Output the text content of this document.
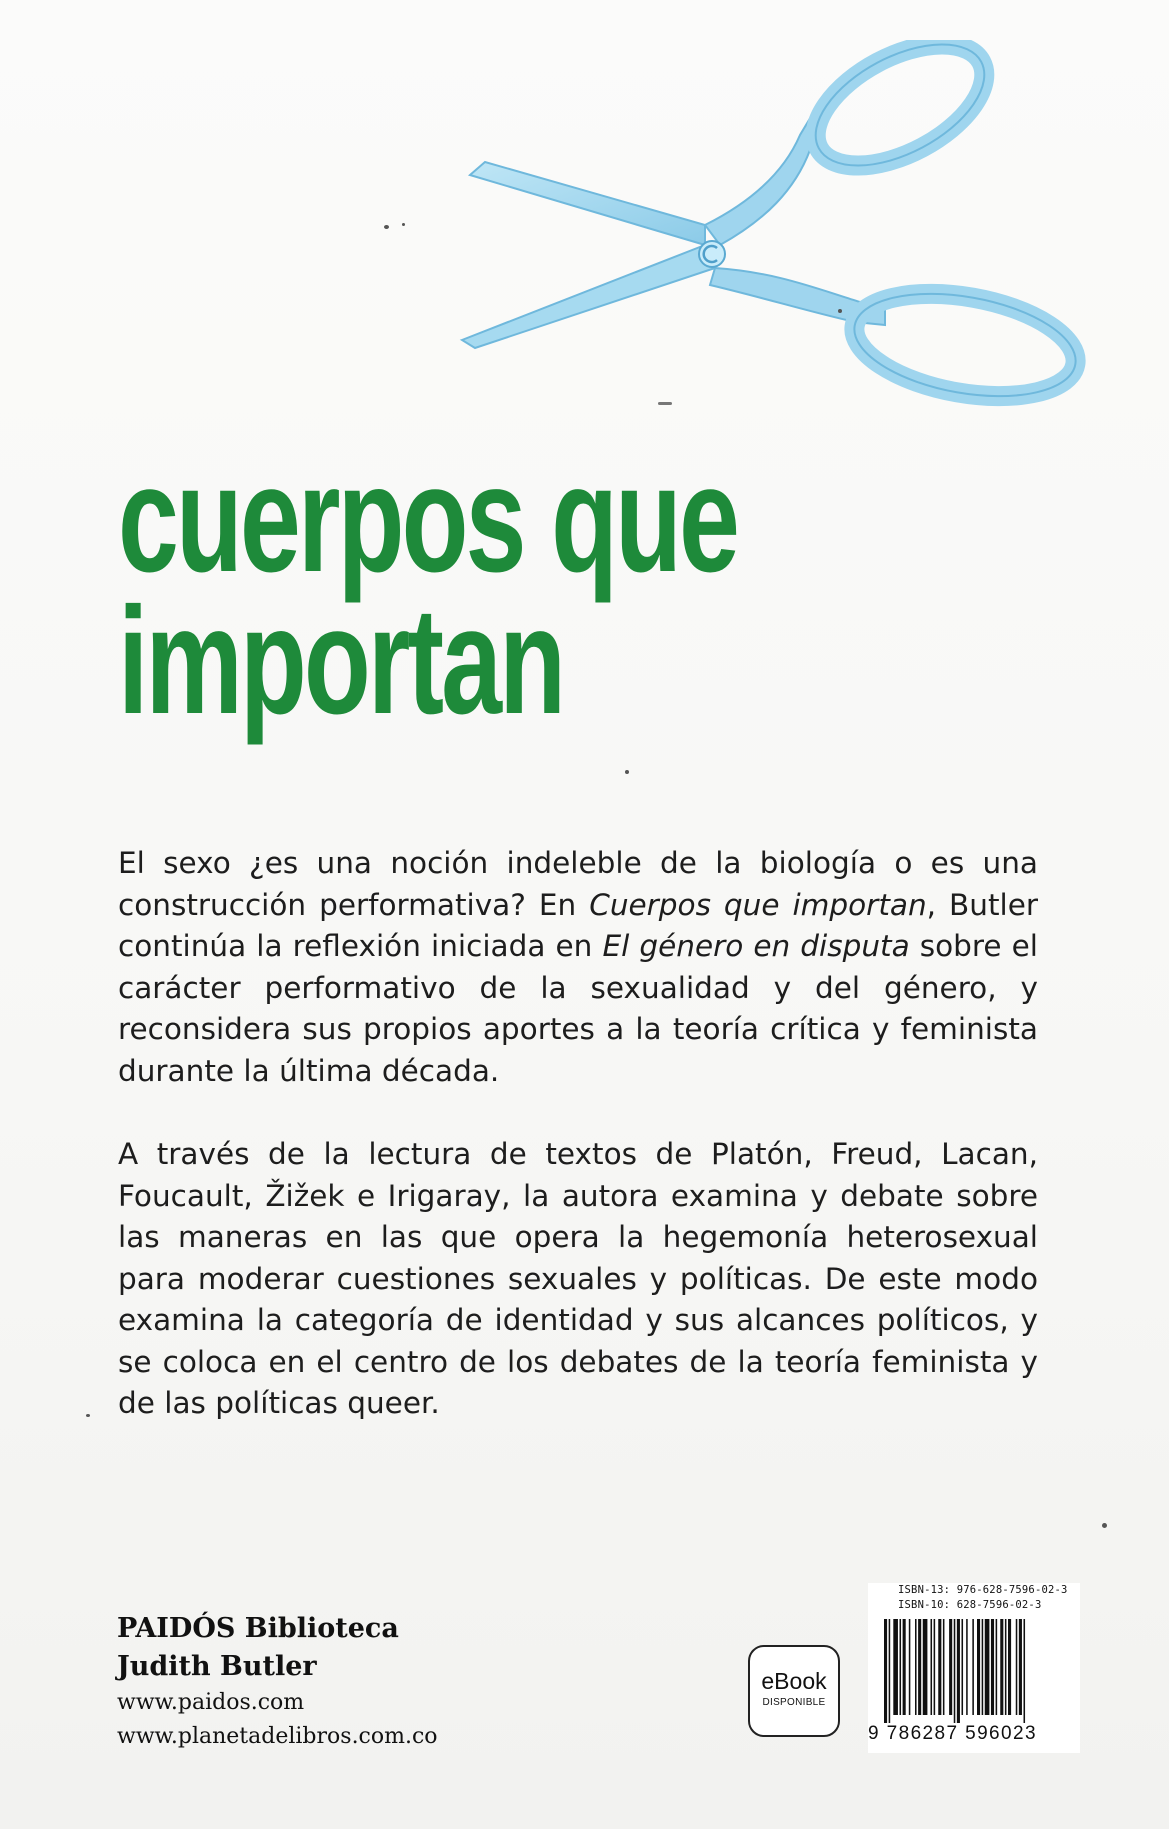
cuerpos que
importan

El sexo ¿es una noción indeleble de la biología o es una construcción performativa? En Cuerpos que importan, Butler continúa la reflexión iniciada en El género en disputa sobre el carácter performativo de la sexualidad y del género, y reconsidera sus propios aportes a la teoría crítica y feminista durante la última década.

A través de la lectura de textos de Platón, Freud, Lacan, Foucault, Žižek e Irigaray, la autora examina y debate sobre las maneras en las que opera la hegemonía heterosexual para moderar cuestiones sexuales y políticas. De este modo examina la categoría de identidad y sus alcances políticos, y se coloca en el centro de los debates de la teoría feminista y de las políticas queer.

PAIDÓS Biblioteca
Judith Butler
www.paidos.com
www.planetadelibros.com.co
eBook
DISPONIBLE
ISBN-13: 976-628-7596-02-3
ISBN-10: 628-7596-02-3
9 786287 596023
